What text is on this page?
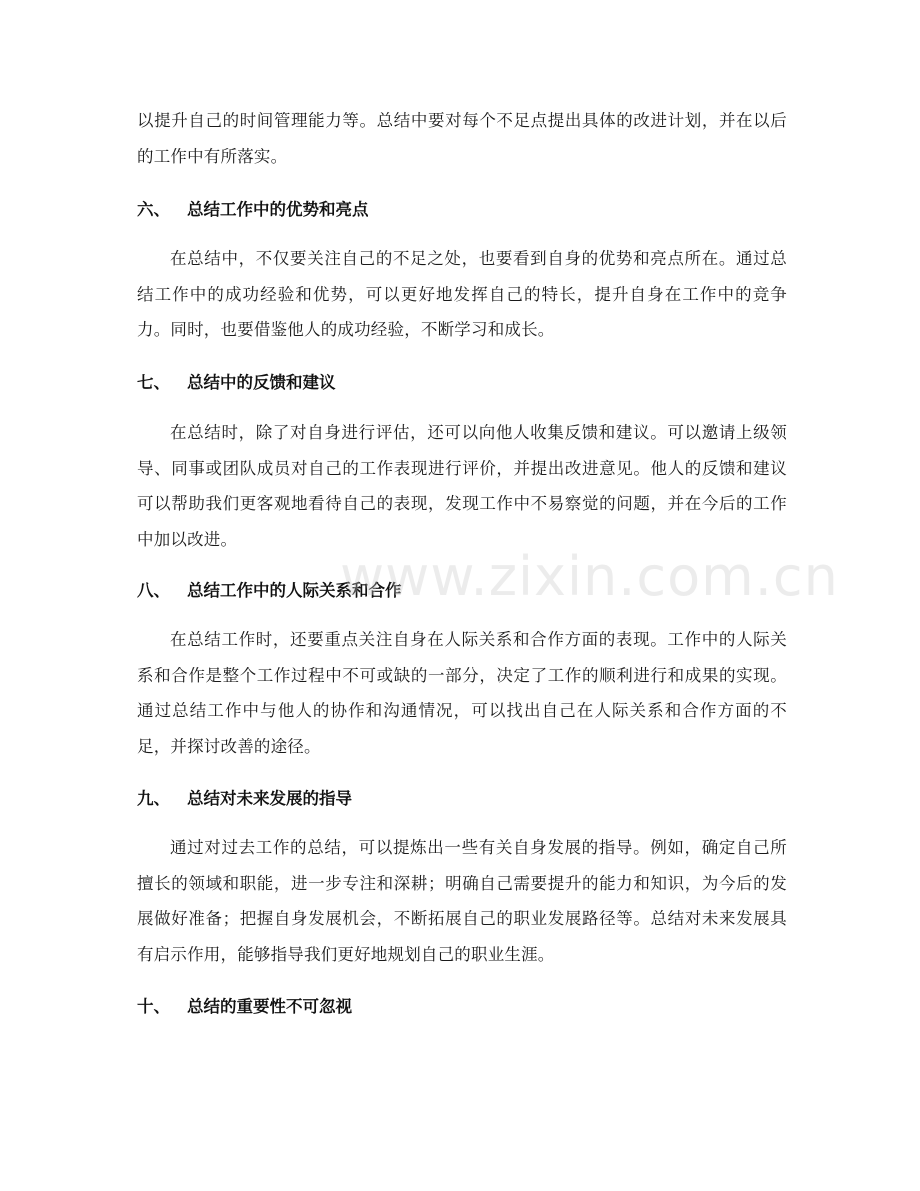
以提升自己的时间管理能力等。总结中要对每个不足点提出具体的改进计划，并在以后的工作中有所落实。

六、 总结工作中的优势和亮点

在总结中，不仅要关注自己的不足之处，也要看到自身的优势和亮点所在。通过总结工作中的成功经验和优势，可以更好地发挥自己的特长，提升自身在工作中的竞争力。同时，也要借鉴他人的成功经验，不断学习和成长。

七、 总结中的反馈和建议

在总结时，除了对自身进行评估，还可以向他人收集反馈和建议。可以邀请上级领导、同事或团队成员对自己的工作表现进行评价，并提出改进意见。他人的反馈和建议可以帮助我们更客观地看待自己的表现，发现工作中不易察觉的问题，并在今后的工作中加以改进。

八、 总结工作中的人际关系和合作

在总结工作时，还要重点关注自身在人际关系和合作方面的表现。工作中的人际关系和合作是整个工作过程中不可或缺的一部分，决定了工作的顺利进行和成果的实现。通过总结工作中与他人的协作和沟通情况，可以找出自己在人际关系和合作方面的不足，并探讨改善的途径。

九、 总结对未来发展的指导

通过对过去工作的总结，可以提炼出一些有关自身发展的指导。例如，确定自己所擅长的领域和职能，进一步专注和深耕；明确自己需要提升的能力和知识，为今后的发展做好准备；把握自身发展机会，不断拓展自己的职业发展路径等。总结对未来发展具有启示作用，能够指导我们更好地规划自己的职业生涯。

十、 总结的重要性不可忽视
www.zixin.com.cn
